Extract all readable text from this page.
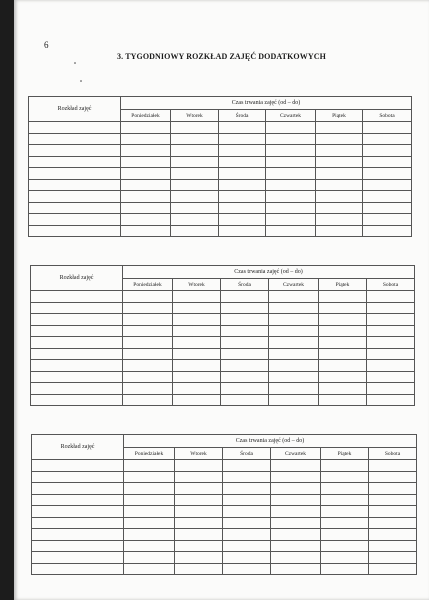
6
3. TYGODNIOWY ROZKŁAD ZAJĘĆ DODATKOWYCH
Rozkład zajęć	Czas trwania zajęć (od – do)					
	Poniedziałek	Wtorek	Środa	Czwartek	Piątek	Sobota

Rozkład zajęć	Czas trwania zajęć (od – do)					
	Poniedziałek	Wtorek	Środa	Czwartek	Piątek	Sobota

Rozkład zajęć	Czas trwania zajęć (od – do)					
	Poniedziałek	Wtorek	Środa	Czwartek	Piątek	Sobota
